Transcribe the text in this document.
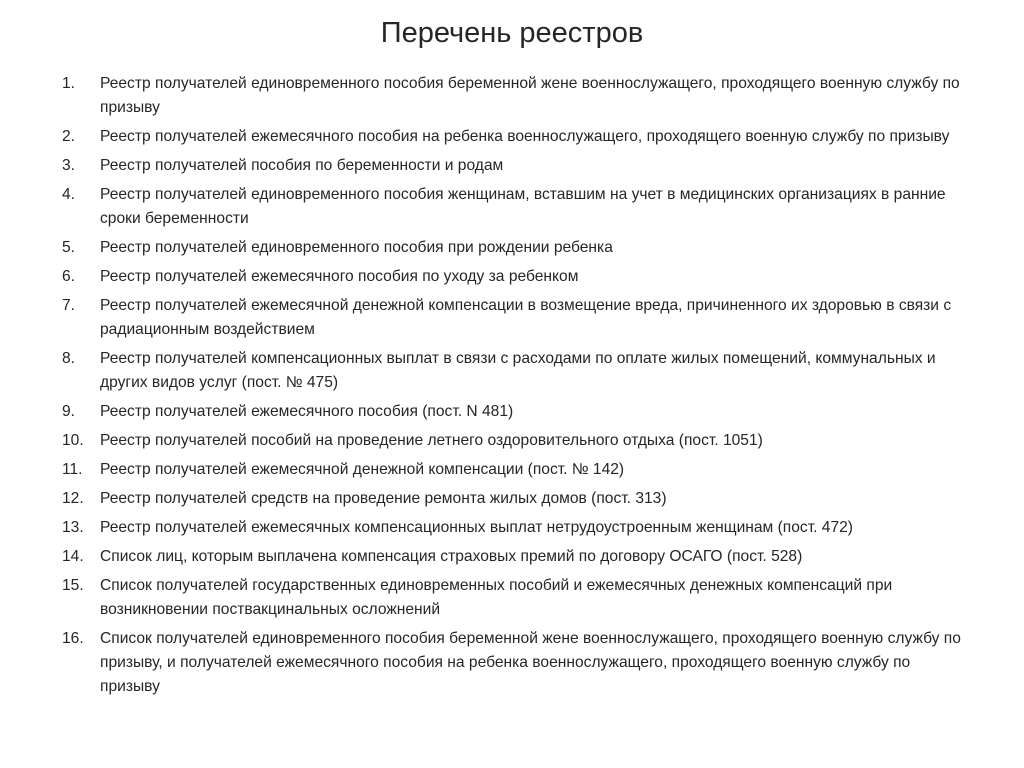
Перечень реестров
1.	Реестр получателей единовременного пособия беременной жене военнослужащего, проходящего военную службу по призыву
2.	Реестр получателей ежемесячного пособия на ребенка военнослужащего, проходящего военную службу по призыву
3.	Реестр получателей пособия по беременности и родам
4.	Реестр получателей единовременного пособия женщинам, вставшим на учет в медицинских организациях в ранние сроки беременности
5.	Реестр получателей единовременного пособия при рождении ребенка
6.	Реестр получателей ежемесячного пособия по уходу за ребенком
7.	Реестр получателей ежемесячной денежной компенсации в возмещение вреда, причиненного их здоровью в связи с радиационным воздействием
8.	Реестр получателей компенсационных выплат в связи с расходами по оплате жилых помещений, коммунальных и других видов услуг (пост. № 475)
9.	Реестр получателей ежемесячного пособия (пост. N 481)
10.	Реестр получателей пособий на проведение летнего оздоровительного отдыха (пост. 1051)
11.	Реестр получателей ежемесячной денежной компенсации (пост. № 142)
12.	Реестр получателей средств на проведение ремонта жилых домов (пост. 313)
13.	Реестр получателей ежемесячных компенсационных выплат нетрудоустроенным женщинам (пост. 472)
14.	Список лиц, которым выплачена компенсация страховых премий по договору ОСАГО (пост. 528)
15.	Список получателей государственных единовременных пособий и ежемесячных денежных компенсаций при возникновении поствакцинальных осложнений
16.	Список получателей единовременного пособия беременной жене военнослужащего, проходящего военную службу по призыву, и получателей ежемесячного пособия на ребенка военнослужащего, проходящего военную службу по призыву
